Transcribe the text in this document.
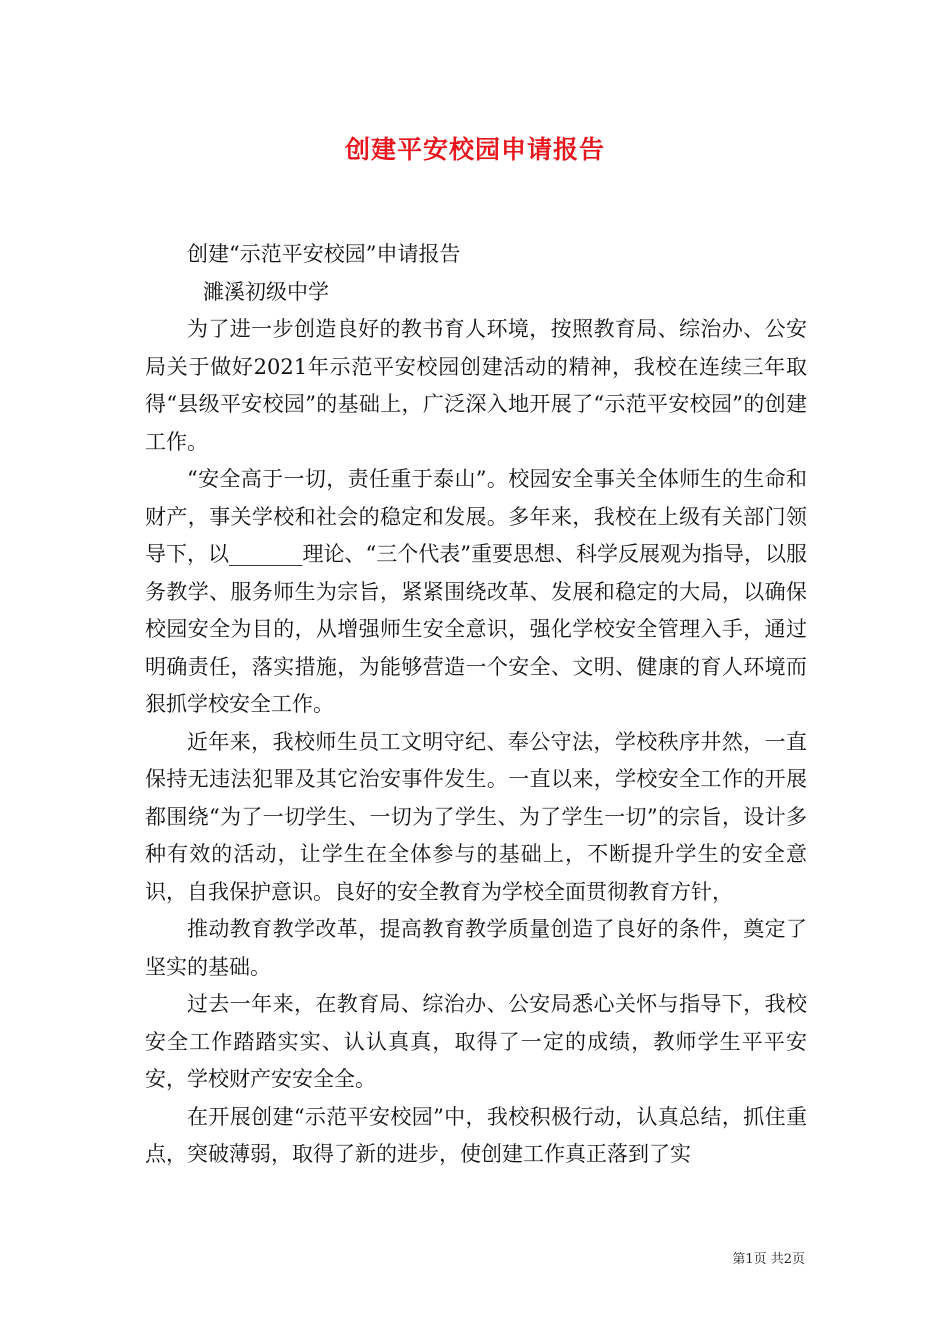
创建平安校园申请报告

创建“示范平安校园”申请报告

濉溪初级中学

为了进一步创造良好的教书育人环境，按照教育局、综治办、公安局关于做好2021年示范平安校园创建活动的精神，我校在连续三年取得“县级平安校园”的基础上，广泛深入地开展了“示范平安校园”的创建工作。

“安全高于一切，责任重于泰山”。校园安全事关全体师生的生命和财产，事关学校和社会的稳定和发展。多年来，我校在上级有关部门领导下，以_______理论、“三个代表”重要思想、科学反展观为指导，以服务教学、服务师生为宗旨，紧紧围绕改革、发展和稳定的大局，以确保校园安全为目的，从增强师生安全意识，强化学校安全管理入手，通过明确责任，落实措施，为能够营造一个安全、文明、健康的育人环境而狠抓学校安全工作。

近年来，我校师生员工文明守纪、奉公守法，学校秩序井然，一直保持无违法犯罪及其它治安事件发生。一直以来，学校安全工作的开展都围绕“为了一切学生、一切为了学生、为了学生一切”的宗旨，设计多种有效的活动，让学生在全体参与的基础上，不断提升学生的安全意识，自我保护意识。良好的安全教育为学校全面贯彻教育方针，

推动教育教学改革，提高教育教学质量创造了良好的条件，奠定了坚实的基础。

过去一年来，在教育局、综治办、公安局悉心关怀与指导下，我校安全工作踏踏实实、认认真真，取得了一定的成绩，教师学生平平安安，学校财产安安全全。

在开展创建“示范平安校园”中，我校积极行动，认真总结，抓住重点，突破薄弱，取得了新的进步，使创建工作真正落到了实

第1页 共2页
